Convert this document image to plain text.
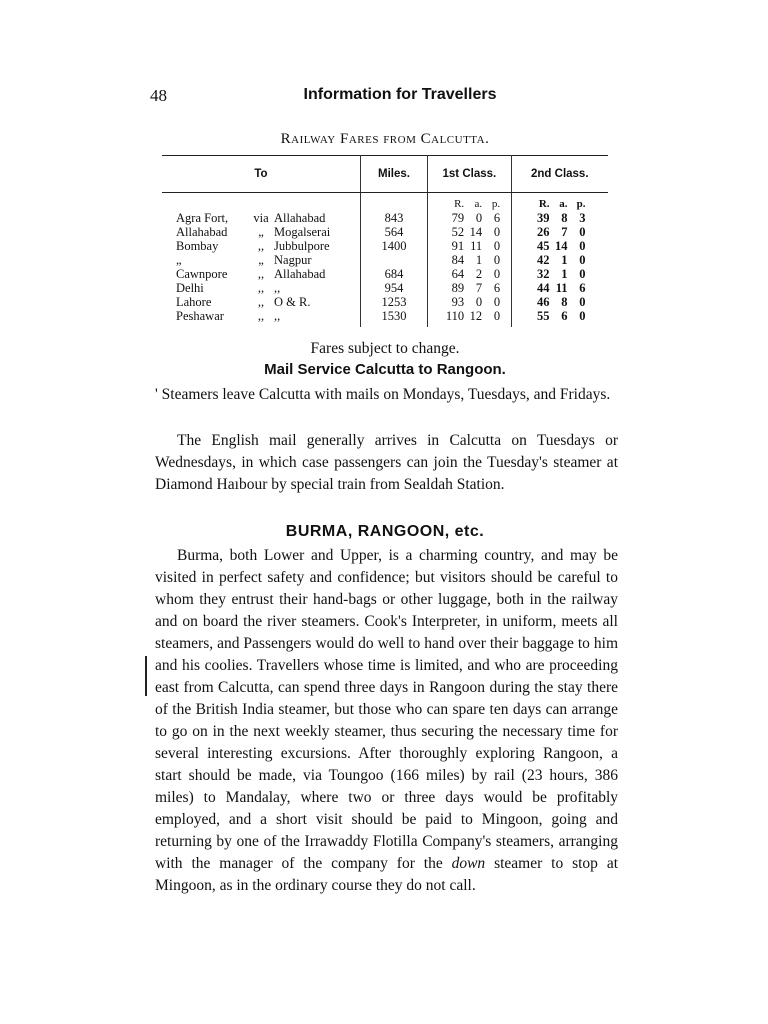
48	Information for Travellers
Railway Fares from Calcutta.
To	Miles.	1st Class.	2nd Class.
		R. a. p.	R. a. p.
Agra Fort, via Allahabad	843	79 0 6	39 8 3
Allahabad „ Mogalserai	564	52 14 0	26 7 0
Bombay ,, Jubbulpore	1400	91 11 0	45 14 0
„ „ Nagpur		84 1 0	42 1 0
Cawnpore ,, Allahabad	684	64 2 0	32 1 0
Delhi ,, ,,	954	89 7 6	44 11 6
Lahore ,, O & R.	1253	93 0 0	46 8 0
Peshawar ,, ,,	1530	110 12 0	55 6 0
Fares subject to change.
Mail Service Calcutta to Rangoon.

' Steamers leave Calcutta with mails on Mondays, Tuesdays, and Fridays.

The English mail generally arrives in Calcutta on Tuesdays or Wednesdays, in which case passengers can join the Tuesday's steamer at Diamond Haıbour by special train from Sealdah Station.

BURMA, RANGOON, etc.

Burma, both Lower and Upper, is a charming country, and may be visited in perfect safety and confidence; but visitors should be careful to whom they entrust their hand-bags or other luggage, both in the railway and on board the river steamers. Cook's Interpreter, in uniform, meets all steamers, and Passengers would do well to hand over their baggage to him and his coolies. Travellers whose time is limited, and who are proceeding east from Calcutta, can spend three days in Rangoon during the stay there of the British India steamer, but those who can spare ten days can arrange to go on in the next weekly steamer, thus securing the necessary time for several interesting excursions. After thoroughly exploring Rangoon, a start should be made, via Toungoo (166 miles) by rail (23 hours, 386 miles) to Mandalay, where two or three days would be profitably employed, and a short visit should be paid to Mingoon, going and returning by one of the Irrawaddy Flotilla Company's steamers, arranging with the manager of the company for the down steamer to stop at Mingoon, as in the ordinary course they do not call.
